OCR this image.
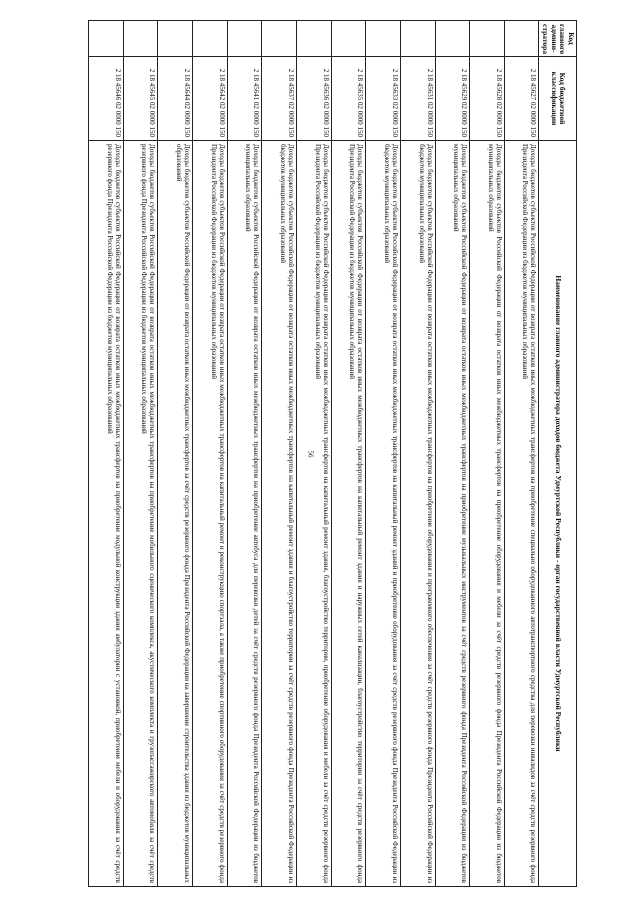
56
Код главного админи-стратора	Код бюджетной классификации	Наименование главного администратора доходов бюджета Удмуртской Республики - орган государственной власти Удмуртской Республики
	2 18 45627 02 0000 150	Доходы бюджетов субъектов Российской Федерации от возврата остатков иных межбюджетных трансфертов на приобретение специально оборудованного автотранспортного средства для перевозки инвалидов за счёт средств резервного фонда Президента Российской Федерации из бюджетов муниципальных образований
	2 18 45628 02 0000 150	Доходы бюджетов субъектов Российской Федерации от возврата остатков иных межбюджетных трансфертов на приобретение оборудования и мебели за счёт средств резервного фонда Президента Российской Федерации из бюджетов муниципальных образований
	2 18 45629 02 0000 150	Доходы бюджетов субъектов Российской Федерации от возврата остатков иных межбюджетных трансфертов на приобретение музыкальных инструментов за счёт средств резервного фонда Президента Российской Федерации из бюджетов муниципальных образований
	2 18 45631 02 0000 150	Доходы бюджетов субъектов Российской Федерации от возврата остатков иных межбюджетных трансфертов на приобретение оборудования и программного обеспечения за счёт средств резервного фонда Президента Российской Федерации из бюджетов муниципальных образований
	2 18 45633 02 0000 150	Доходы бюджетов субъектов Российской Федерации от возврата остатков иных межбюджетных трансфертов на капитальный ремонт зданий и приобретение оборудования за счёт средств резервного фонда Президента Российской Федерации из бюджетов муниципальных образований
	2 18 45635 02 0000 150	Доходы бюджетов субъектов Российской Федерации от возврата остатков иных межбюджетных трансфертов на капитальный ремонт здания и наружных сетей канализации, благоустройство территории за счёт средств резервного фонда Президента Российской Федерации из бюджетов муниципальных образований
	2 18 45636 02 0000 150	Доходы бюджетов субъектов Российской Федерации от возврата остатков иных межбюджетных трансфертов на капитальный ремонт здания, благоустройство территории, приобретение оборудования и мебели за счёт средств резервного фонда Президента Российской Федерации из бюджетов муниципальных образований
	2 18 45637 02 0000 150	Доходы бюджетов субъектов Российской Федерации от возврата остатков иных межбюджетных трансфертов на капитальный ремонт здания и благоустройство территории за счёт средств резервного фонда Президента Российской Федерации из бюджетов муниципальных образований
	2 18 45641 02 0000 150	Доходы бюджетов субъектов Российской Федерации от возврата остатков иных межбюджетных трансфертов на приобретение автобуса для перевозки детей за счёт средств резервного фонда Президента Российской Федерации из бюджетов муниципальных образований
	2 18 45642 02 0000 150	Доходы бюджетов субъектов Российской Федерации от возврата остатков иных межбюджетных трансфертов на капитальный ремонт и реконструкцию спортзала, а также приобретение спортивного оборудования за счёт средств резервного фонда Президента Российской Федерации из бюджетов муниципальных образований
	2 18 45644 02 0000 150	Доходы бюджетов субъектов Российской Федерации от возврата остатков иных межбюджетных трансфертов за счёт средств резервного фонда Президента Российской Федерации на завершение строительства здания из бюджетов муниципальных образований
	2 18 45645 02 0000 150	Доходы бюджетов субъектов Российской Федерации от возврата остатков иных межбюджетных трансфертов на приобретение мобильного сценического комплекса, акустического комплекта и грузопассажирского автомобиля за счёт средств резервного фонда Президента Российской Федерации из бюджетов муниципальных образований
	2 18 45646 02 0000 150	Доходы бюджетов субъектов Российской Федерации от возврата остатков иных межбюджетных трансфертов на приобретение модульной конструкции здания амбулатории с установкой, приобретение мебели и оборудования за счёт средств резервного фонда Президента Российской Федерации из бюджетов муниципальных образований
